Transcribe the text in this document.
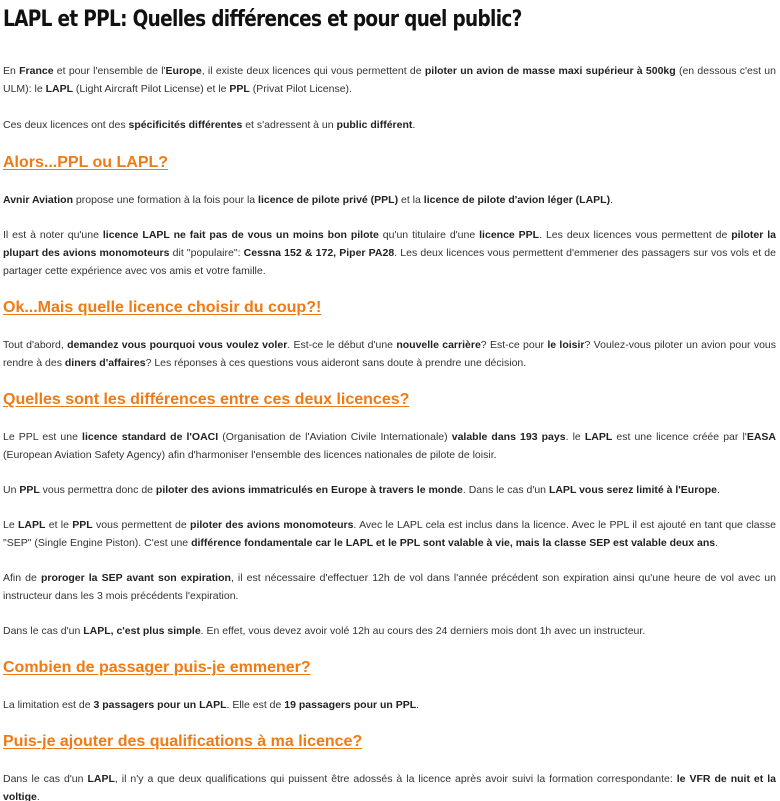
LAPL et PPL: Quelles différences et pour quel public?

En France et pour l'ensemble de l'Europe, il existe deux licences qui vous permettent de piloter un avion de masse maxi supérieur à 500kg (en dessous c'est un ULM): le LAPL (Light Aircraft Pilot License) et le PPL (Privat Pilot License).

Ces deux licences ont des spécificités différentes et s'adressent à un public différent.

Alors...PPL ou LAPL?

Avnir Aviation propose une formation à la fois pour la licence de pilote privé (PPL) et la licence de pilote d'avion léger (LAPL).

Il est à noter qu'une licence LAPL ne fait pas de vous un moins bon pilote qu'un titulaire d'une licence PPL. Les deux licences vous permettent de piloter la plupart des avions monomoteurs dit "populaire": Cessna 152 & 172, Piper PA28. Les deux licences vous permettent d'emmener des passagers sur vos vols et de partager cette expérience avec vos amis et votre famille.

Ok...Mais quelle licence choisir du coup?!

Tout d'abord, demandez vous pourquoi vous voulez voler. Est-ce le début d'une nouvelle carrière? Est-ce pour le loisir? Voulez-vous piloter un avion pour vous rendre à des diners d'affaires? Les réponses à ces questions vous aideront sans doute à prendre une décision.

Quelles sont les différences entre ces deux licences?

Le PPL est une licence standard de l'OACI (Organisation de l'Aviation Civile Internationale) valable dans 193 pays. le LAPL est une licence créée par l'EASA (European Aviation Safety Agency) afin d'harmoniser l'ensemble des licences nationales de pilote de loisir.

Un PPL vous permettra donc de piloter des avions immatriculés en Europe à travers le monde. Dans le cas d'un LAPL vous serez limité à l'Europe.

Le LAPL et le PPL vous permettent de piloter des avions monomoteurs. Avec le LAPL cela est inclus dans la licence. Avec le PPL il est ajouté en tant que classe "SEP" (Single Engine Piston). C'est une différence fondamentale car le LAPL et le PPL sont valable à vie, mais la classe SEP est valable deux ans.

Afin de proroger la SEP avant son expiration, il est nécessaire d'effectuer 12h de vol dans l'année précédent son expiration ainsi qu'une heure de vol avec un instructeur dans les 3 mois précédents l'expiration.

Dans le cas d'un LAPL, c'est plus simple. En effet, vous devez avoir volé 12h au cours des 24 derniers mois dont 1h avec un instructeur.

Combien de passager puis-je emmener?

La limitation est de 3 passagers pour un LAPL. Elle est de 19 passagers pour un PPL.

Puis-je ajouter des qualifications à ma licence?

Dans le cas d'un LAPL, il n'y a que deux qualifications qui puissent être adossés à la licence après avoir suivi la formation correspondante: le VFR de nuit et la voltige.
